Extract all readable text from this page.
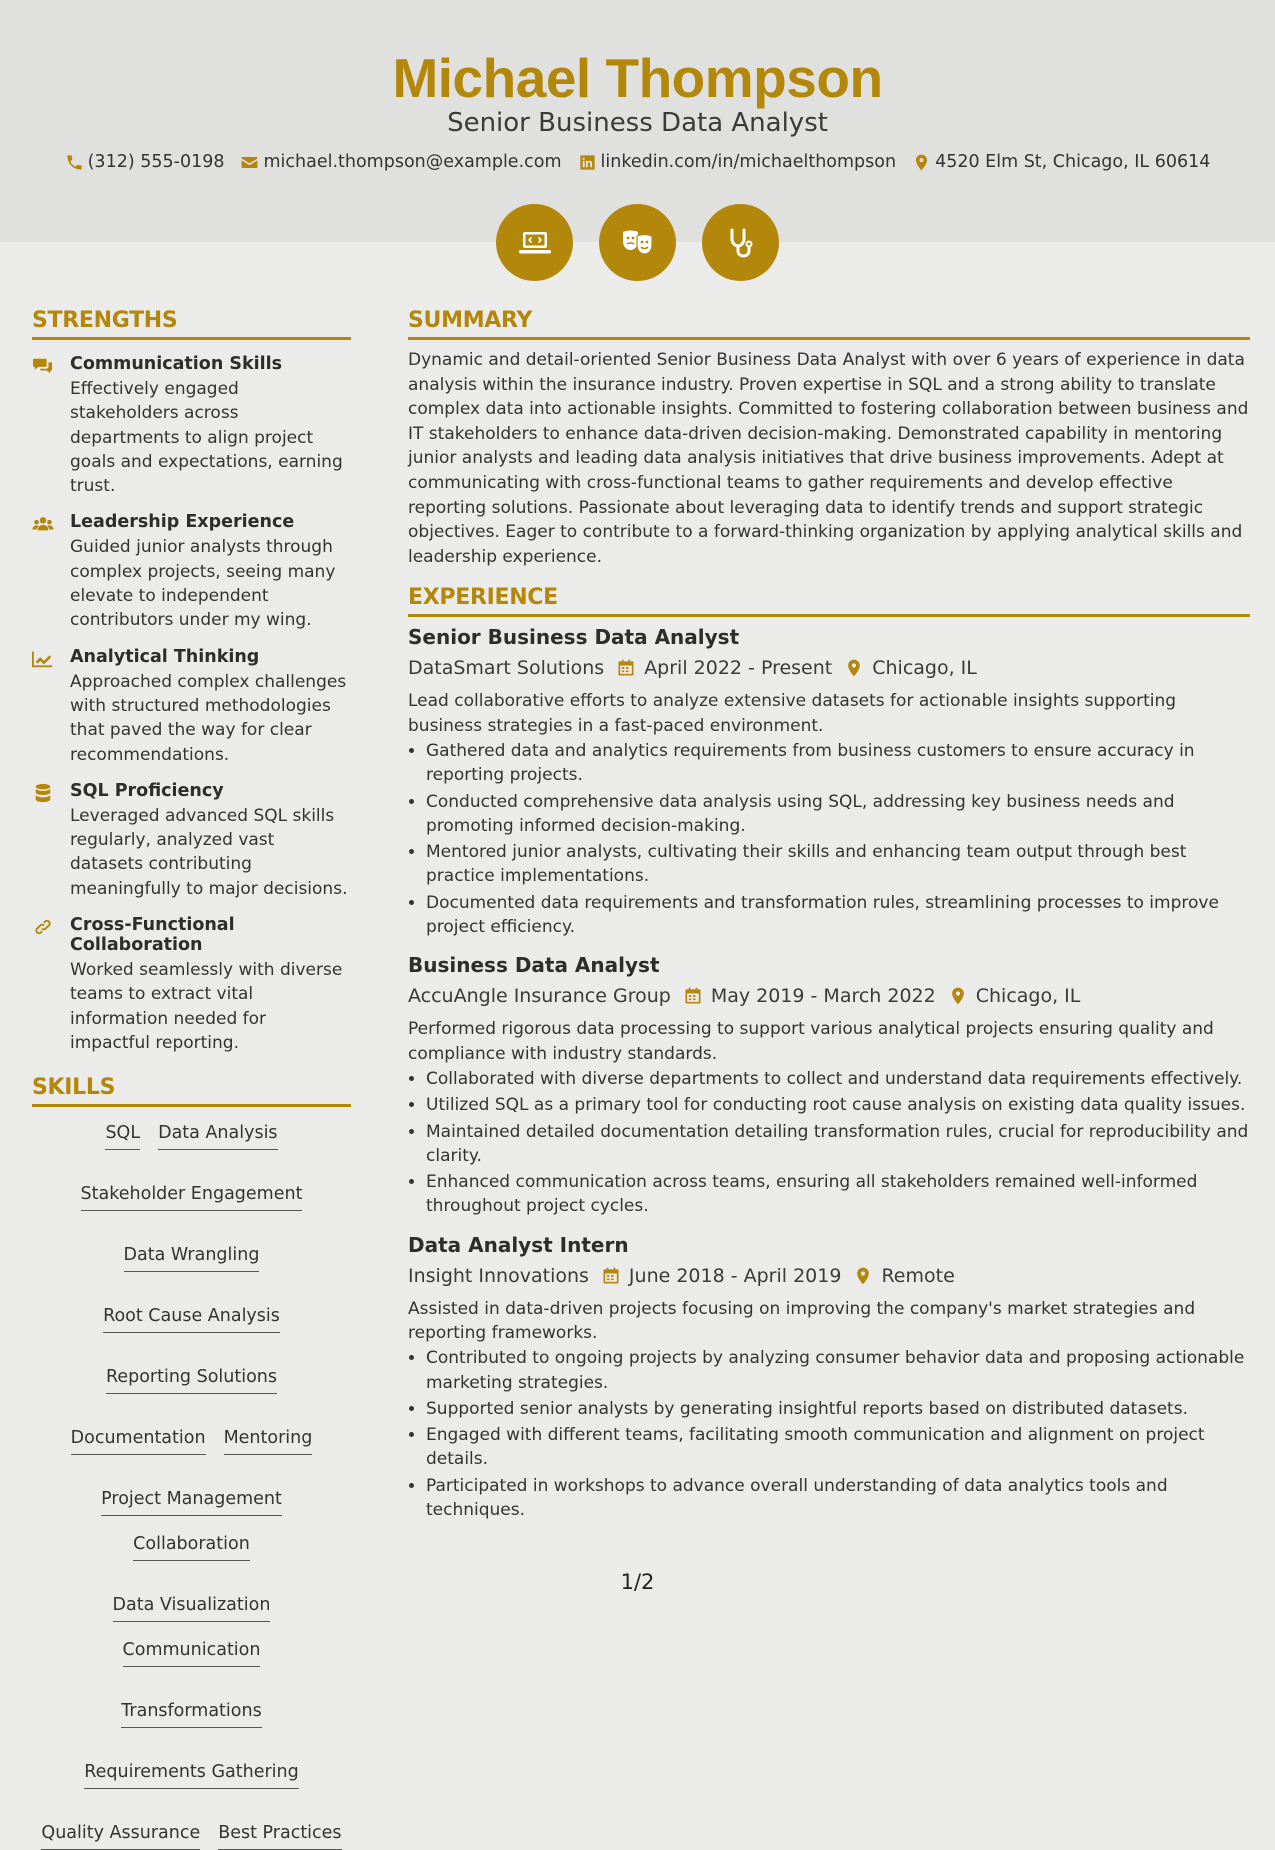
Michael Thompson
Senior Business Data Analyst
(312) 555-0198 michael.thompson@example.com linkedin.com/in/michaelthompson 4520 Elm St, Chicago, IL 60614
STRENGTHS
Communication Skills
Effectively engaged stakeholders across departments to align project goals and expectations, earning trust.
Leadership Experience
Guided junior analysts through complex projects, seeing many elevate to independent contributors under my wing.
Analytical Thinking
Approached complex challenges with structured methodologies that paved the way for clear recommendations.
SQL Proficiency
Leveraged advanced SQL skills regularly, analyzed vast datasets contributing meaningfully to major decisions.
Cross-Functional Collaboration
Worked seamlessly with diverse teams to extract vital information needed for impactful reporting.
SKILLS
SQL Data Analysis
Stakeholder Engagement
Data Wrangling
Root Cause Analysis
Reporting Solutions
Documentation Mentoring
Project Management
Collaboration
Data Visualization
Communication
Transformations
Requirements Gathering
Quality Assurance Best Practices
SUMMARY
Dynamic and detail-oriented Senior Business Data Analyst with over 6 years of experience in data analysis within the insurance industry. Proven expertise in SQL and a strong ability to translate complex data into actionable insights. Committed to fostering collaboration between business and IT stakeholders to enhance data-driven decision-making. Demonstrated capability in mentoring junior analysts and leading data analysis initiatives that drive business improvements. Adept at communicating with cross-functional teams to gather requirements and develop effective reporting solutions. Passionate about leveraging data to identify trends and support strategic objectives. Eager to contribute to a forward-thinking organization by applying analytical skills and leadership experience.
EXPERIENCE
Senior Business Data Analyst
DataSmart Solutions April 2022 - Present Chicago, IL
Lead collaborative efforts to analyze extensive datasets for actionable insights supporting business strategies in a fast-paced environment.
• Gathered data and analytics requirements from business customers to ensure accuracy in reporting projects.
• Conducted comprehensive data analysis using SQL, addressing key business needs and promoting informed decision-making.
• Mentored junior analysts, cultivating their skills and enhancing team output through best practice implementations.
• Documented data requirements and transformation rules, streamlining processes to improve project efficiency.
Business Data Analyst
AccuAngle Insurance Group May 2019 - March 2022 Chicago, IL
Performed rigorous data processing to support various analytical projects ensuring quality and compliance with industry standards.
• Collaborated with diverse departments to collect and understand data requirements effectively.
• Utilized SQL as a primary tool for conducting root cause analysis on existing data quality issues.
• Maintained detailed documentation detailing transformation rules, crucial for reproducibility and clarity.
• Enhanced communication across teams, ensuring all stakeholders remained well-informed throughout project cycles.
Data Analyst Intern
Insight Innovations June 2018 - April 2019 Remote
Assisted in data-driven projects focusing on improving the company's market strategies and reporting frameworks.
• Contributed to ongoing projects by analyzing consumer behavior data and proposing actionable marketing strategies.
• Supported senior analysts by generating insightful reports based on distributed datasets.
• Engaged with different teams, facilitating smooth communication and alignment on project details.
• Participated in workshops to advance overall understanding of data analytics tools and techniques.
1/2
